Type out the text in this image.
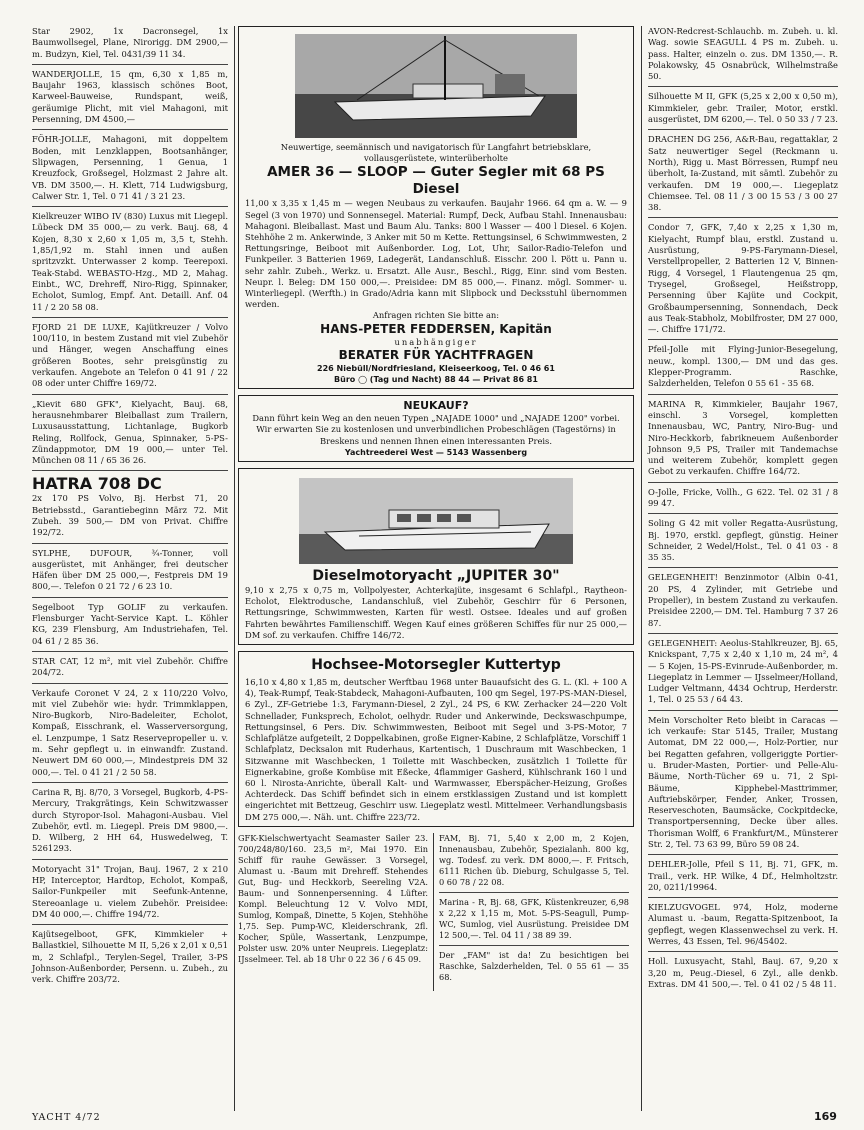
Star 2902, 1x Dacronsegel, 1x Baumwollsegel, Plane, Nirorigg. DM 2900,— m. Budzyn, Kiel, Tel. 0431/39 11 34.
WANDERJOLLE, 15 qm, 6,30 x 1,85 m, Baujahr 1963, klassisch schönes Boot, Karweel-Bauweise, Rundspant, weiß, geräumige Plicht, mit viel Mahagoni, mit Persenning, DM 4500,—
FÖHR-JOLLE, Mahagoni, mit doppeltem Boden, mit Lenzklappen, Bootsanhänger, Slipwagen, Persenning, 1 Genua, 1 Kreuzfock, Großsegel, Holzmast 2 Jahre alt. VB. DM 3500,—. H. Klett, 714 Ludwigsburg, Calwer Str. 1, Tel. 0 71 41 / 3 21 23.
Kielkreuzer WIBO IV (830) Luxus mit Liegepl. Lübeck DM 35 000,— zu verk. Bauj. 68, 4 Kojen, 8,30 x 2,60 x 1,05 m, 3,5 t, Stehh. 1,85/1,92 m. Stahl innen und außen spritzvzkt. Unterwasser 2 komp. Teerepoxi. Teak-Stabd. WEBASTO-Hzg., MD 2, Mahag. Einbt., WC, Drehreff, Niro-Rigg, Spinnaker, Echolot, Sumlog, Empf. Ant. Detaill. Anf. 04 11 / 2 20 58 08.
FJORD 21 DE LUXE, Kajütkreuzer / Volvo 100/110, in bestem Zustand mit viel Zubehör und Hänger, wegen Anschaffung eines größeren Bootes, sehr preisgünstig zu verkaufen. Angebote an Telefon 0 41 91 / 22 08 oder unter Chiffre 169/72.
„Kievit 680 GFK", Kielyacht, Bauj. 68, herausnehmbarer Bleiballast zum Trailern, Luxusausstattung, Lichtanlage, Bugkorb Reling, Rollfock, Genua, Spinnaker, 5-PS-Zündappmotor, DM 19 000,— unter Tel. München 08 11 / 65 36 26.
HATRA 708 DC
2x 170 PS Volvo, Bj. Herbst 71, 20 Betriebsstd., Garantiebeginn März 72. Mit Zubeh. 39 500,— DM von Privat. Chiffre 192/72.
SYLPHE, DUFOUR, ¾-Tonner, voll ausgerüstet, mit Anhänger, frei deutscher Häfen über DM 25 000,—, Festpreis DM 19 800,—. Telefon 0 21 72 / 6 23 10.
Segelboot Typ GOLIF zu verkaufen. Flensburger Yacht-Service Kapt. L. Köhler KG, 239 Flensburg, Am Industriehafen, Tel. 04 61 / 2 85 36.
STAR CAT, 12 m², mit viel Zubehör. Chiffre 204/72.
Verkaufe Coronet V 24, 2 x 110/220 Volvo, mit viel Zubehör wie: hydr. Trimmklappen, Niro-Bugkorb, Niro-Badeleiter, Echolot, Kompaß, Eisschrank, el. Wasserversorgung, el. Lenzpumpe, 1 Satz Reservepropeller u. v. m. Sehr gepflegt u. in einwandfr. Zustand. Neuwert DM 60 000,—, Mindestpreis DM 32 000,—. Tel. 0 41 21 / 2 50 58.
Carina R, Bj. 8/70, 3 Vorsegel, Bugkorb, 4-PS-Mercury, Trakgrätings, Kein Schwitzwasser durch Styropor-Isol. Mahagoni-Ausbau. Viel Zubehör, evtl. m. Liegepl. Preis DM 9800,—. D. Wilberg, 2 HH 64, Huswedelweg, T. 5261293.
Motoryacht 31" Trojan, Bauj. 1967, 2 x 210 HP, Interceptor, Hardtop, Echolot, Kompaß, Sailor-Funkpeiler mit Seefunk-Antenne, Stereoanlage u. vielem Zubehör. Preisidee: DM 40 000,—. Chiffre 194/72.
Kajütsegelboot, GFK, Kimmkieler + Ballastkiel, Silhouette M II, 5,26 x 2,01 x 0,51 m, 2 Schlafpl., Terylen-Segel, Trailer, 3-PS Johnson-Außenborder, Persenn. u. Zubeh., zu verk. Chiffre 203/72.
Neuwertige, seemännisch und navigatorisch für Langfahrt betriebsklare, vollausgerüstete, winterüberholte
AMER 36 — SLOOP — Guter Segler mit 68 PS Diesel
11,00 x 3,35 x 1,45 m — wegen Neubaus zu verkaufen. Baujahr 1966. 64 qm a. W. — 9 Segel (3 von 1970) und Sonnensegel. Material: Rumpf, Deck, Aufbau Stahl. Innenausbau: Mahagoni. Bleiballast. Mast und Baum Alu. Tanks: 800 l Wasser — 400 l Diesel. 6 Kojen. Stehhöhe 2 m. Ankerwinde, 3 Anker mit 50 m Kette. Rettungsinsel, 6 Schwimmwesten, 2 Rettungsringe, Beiboot mit Außenborder. Log, Lot, Uhr, Sailor-Radio-Telefon und Funkpeiler. 3 Batterien 1969, Ladegerät, Landanschluß. Eisschr. 200 l. Pött u. Pann u. sehr zahlr. Zubeh., Werkz. u. Ersatzt. Alle Ausr., Beschl., Rigg, Einr. sind vom Besten. Neupr. l. Beleg: DM 150 000,—. Preisidee: DM 85 000,—. Finanz. mögl. Sommer- u. Winterliegepl. (Werfth.) in Grado/Adria kann mit Slipbock und Decksstuhl übernommen werden.
Anfragen richten Sie bitte an:
HANS-PETER FEDDERSEN, Kapitän
unabhängiger
BERATER FÜR YACHTFRAGEN
226 Niebüll/Nordfriesland, Kleiseerkoog, Tel. 0 46 61
Büro ◯ (Tag und Nacht) 88 44 — Privat 86 81
NEUKAUF?
Dann führt kein Weg an den neuen Typen „NAJADE 1000" und „NAJADE 1200" vorbei. Wir erwarten Sie zu kostenlosen und unverbindlichen Probeschlägen (Tagestörns) in Breskens und nennen Ihnen einen interessanten Preis.
Yachtreederei West — 5143 Wassenberg
Dieselmotoryacht „JUPITER 30"
9,10 x 2,75 x 0,75 m, Vollpolyester, Achterkajüte, insgesamt 6 Schlafpl., Raytheon-Echolot, Elektrodusche, Landanschluß, viel Zubehör, Geschirr für 6 Personen, Rettungsringe, Schwimmwesten, Karten für westl. Ostsee. Ideales und auf großen Fahrten bewährtes Familienschiff. Wegen Kauf eines größeren Schiffes für nur 25 000,— DM sof. zu verkaufen. Chiffre 146/72.
Hochsee-Motorsegler Kuttertyp
16,10 x 4,80 x 1,85 m, deutscher Werftbau 1968 unter Bauaufsicht des G. L. (Kl. + 100 A 4), Teak-Rumpf, Teak-Stabdeck, Mahagoni-Aufbauten, 100 qm Segel, 197-PS-MAN-Diesel, 6 Zyl., ZF-Getriebe 1:3, Farymann-Diesel, 2 Zyl., 24 PS, 6 KW. Zerhacker 24—220 Volt Schnellader, Funksprech, Echolot, oelhydr. Ruder und Ankerwinde, Deckswaschpumpe, Rettungsinsel, 6 Pers. Div. Schwimmwesten, Beiboot mit Segel und 3-PS-Motor, 7 Schlafplätze aufgeteilt, 2 Doppelkabinen, große Eigner-Kabine, 2 Schlafplätze, Vorschiff 1 Schlafplatz, Decksalon mit Ruderhaus, Kartentisch, 1 Duschraum mit Waschbecken, 1 Sitzwanne mit Waschbecken, 1 Toilette mit Waschbecken, zusätzlich 1 Toilette für Eignerkabine, große Kombüse mit Eßecke, 4flammiger Gasherd, Kühlschrank 160 l und 60 l. Nirosta-Anrichte, überall Kalt- und Warmwasser, Eberspächer-Heizung, Großes Achterdeck. Das Schiff befindet sich in einem erstklassigen Zustand und ist komplett eingerichtet mit Bettzeug, Geschirr usw. Liegeplatz westl. Mittelmeer. Verhandlungsbasis DM 275 000,—. Näh. unt. Chiffre 223/72.
GFK-Kielschwertyacht Seamaster Sailer 23. 700/248/80/160. 23,5 m², Mai 1970. Ein Schiff für rauhe Gewässer. 3 Vorsegel, Alumast u. -Baum mit Drehreff. Stehendes Gut, Bug- und Heckkorb, Seereling V2A. Baum- und Sonnenpersenning. 4 Lüfter. Kompl. Beleuchtung 12 V. Volvo MDI, Sumlog, Kompaß, Dinette, 5 Kojen, Stehhöhe 1,75. Sep. Pump-WC, Kleiderschrank, 2fl. Kocher, Spüle, Wassertank, Lenzpumpe, Polster usw. 20% unter Neupreis. Liegeplatz: IJsselmeer. Tel. ab 18 Uhr 0 22 36 / 6 45 09.
FAM, Bj. 71, 5,40 x 2,00 m, 2 Kojen, Innenausbau, Zubehör, Spezialanh. 800 kg, wg. Todesf. zu verk. DM 8000,—. F. Fritsch, 6111 Richen üb. Dieburg, Schulgasse 5, Tel. 0 60 78 / 22 08.
Marina - R, Bj. 68, GFK, Küstenkreuzer, 6,98 x 2,22 x 1,15 m, Mot. 5-PS-Seagull, Pump-WC, Sumlog, viel Ausrüstung. Preisidee DM 12 500,—. Tel. 04 11 / 38 89 39.
Der „FAM" ist da! Zu besichtigen bei Raschke, Salzderhelden, Tel. 0 55 61 — 35 68.
AVON-Redcrest-Schlauchb. m. Zubeh. u. kl. Wag. sowie SEAGULL 4 PS m. Zubeh. u. pass. Halter, einzeln o. zus. DM 1350,—. R. Polakowsky, 45 Osnabrück, Wilhelmstraße 50.
Silhouette M II, GFK (5,25 x 2,00 x 0,50 m), Kimmkieler, gebr. Trailer, Motor, erstkl. ausgerüstet, DM 6200,—. Tel. 0 50 33 / 7 23.
DRACHEN DG 256, A&R-Bau, regattaklar, 2 Satz neuwertiger Segel (Reckmann u. North), Rigg u. Mast Börressen, Rumpf neu überholt, Ia-Zustand, mit sämtl. Zubehör zu verkaufen. DM 19 000,—. Liegeplatz Chiemsee. Tel. 08 11 / 3 00 15 53 / 3 00 27 38.
Condor 7, GFK, 7,40 x 2,25 x 1,30 m, Kielyacht, Rumpf blau, erstkl. Zustand u. Ausrüstung, 9-PS-Farymann-Diesel, Verstellpropeller, 2 Batterien 12 V, Binnen-Rigg, 4 Vorsegel, 1 Flautengenua 25 qm, Trysegel, Großsegel, Heißstropp, Persenning über Kajüte und Cockpit, Großbaumpersenning, Sonnendach, Deck aus Teak-Stabholz, Mobilfroster, DM 27 000,—. Chiffre 171/72.
Pfeil-Jolle mit Flying-Junior-Besegelung, neuw., kompl. 1300,— DM und das ges. Klepper-Programm. Raschke, Salzderhelden, Telefon 0 55 61 - 35 68.
MARINA R, Kimmkieler, Baujahr 1967, einschl. 3 Vorsegel, kompletten Innenausbau, WC, Pantry, Niro-Bug- und Niro-Heckkorb, fabrikneuem Außenborder Johnson 9,5 PS, Trailer mit Tandemachse und weiterem Zubehör, komplett gegen Gebot zu verkaufen. Chiffre 164/72.
O-Jolle, Fricke, Vollh., G 622. Tel. 02 31 / 8 99 47.
Soling G 42 mit voller Regatta-Ausrüstung, Bj. 1970, erstkl. gepflegt, günstig. Heiner Schneider, 2 Wedel/Holst., Tel. 0 41 03 - 8 35 35.
GELEGENHEIT! Benzinmotor (Albin 0-41, 20 PS, 4 Zylinder, mit Getriebe und Propeller), in bestem Zustand zu verkaufen. Preisidee 2200,— DM. Tel. Hamburg 7 37 26 87.
GELEGENHEIT: Aeolus-Stahlkreuzer, Bj. 65, Knickspant, 7,75 x 2,40 x 1,10 m, 24 m², 4 — 5 Kojen, 15-PS-Evinrude-Außenborder, m. Liegeplatz in Lemmer — IJsselmeer/Holland, Ludger Veltmann, 4434 Ochtrup, Herderstr. 1, Tel. 0 25 53 / 64 43.
Mein Vorscholter Reto bleibt in Caracas — ich verkaufe: Star 5145, Trailer, Mustang Automat, DM 22 000,—, Holz-Portier, nur bei Regatten gefahren, vollgeriggte Portier- u. Bruder-Masten, Portier- und Pelle-Alu-Bäume, North-Tücher 69 u. 71, 2 Spi-Bäume, Kipphebel-Masttrimmer, Auftriebskörper, Fender, Anker, Trossen, Reserveschoten, Baumsäcke, Cockpitdecke, Transportpersenning, Decke über alles. Thorisman Wolff, 6 Frankfurt/M., Münsterer Str. 2, Tel. 73 63 99, Büro 59 08 24.
DEHLER-Jolle, Pfeil S 11, Bj. 71, GFK, m. Trail., verk. HP. Wilke, 4 Df., Helmholtzstr. 20, 0211/19964.
KIELZUGVOGEL 974, Holz, moderne Alumast u. -baum, Regatta-Spitzenboot, Ia gepflegt, wegen Klassenwechsel zu verk. H. Werres, 43 Essen, Tel. 96/45402.
Holl. Luxusyacht, Stahl, Bauj. 67, 9,20 x 3,20 m, Peug.-Diesel, 6 Zyl., alle denkb. Extras. DM 41 500,—. Tel. 0 41 02 / 5 48 11.
YACHT 4/72	169
